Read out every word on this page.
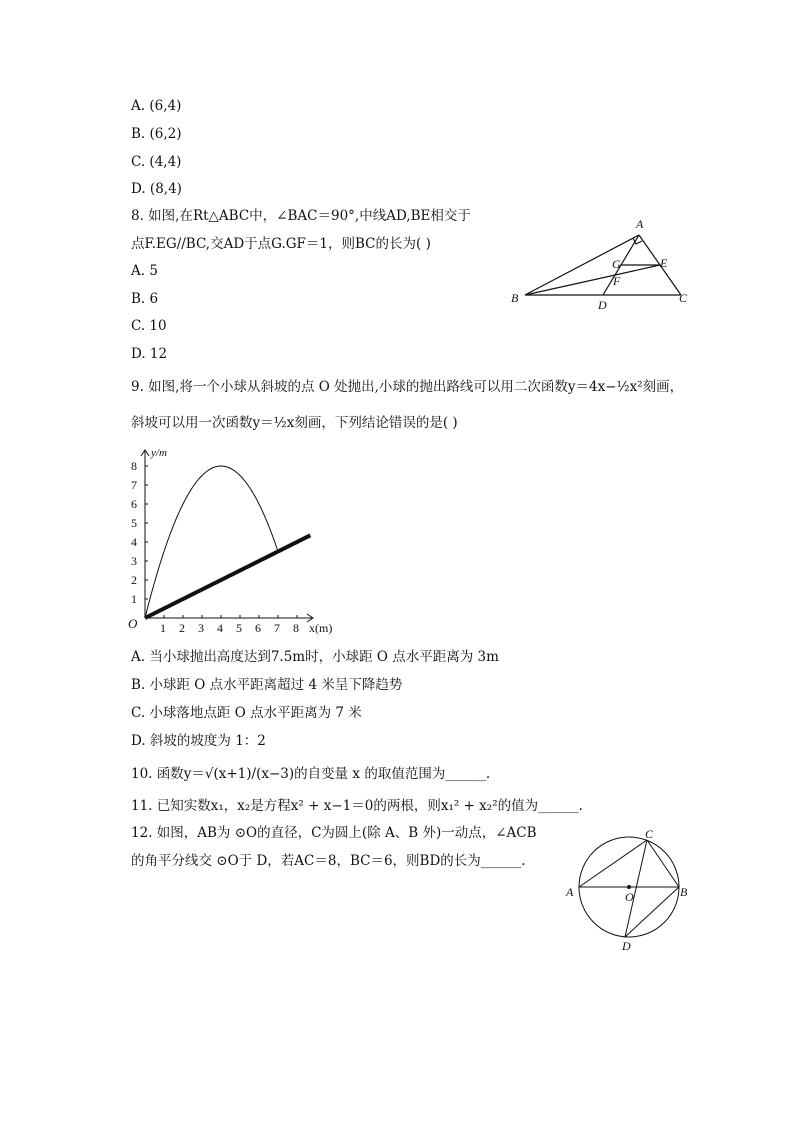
A. (6,4)
B. (6,2)
C. (4,4)
D. (8,4)
8. 如图,在Rt△ABC中，∠BAC＝90°,中线AD,BE相交于
点F.EG//BC,交AD于点G.GF＝1，则BC的长为( )
A. 5
B. 6
C. 10
D. 12
A
B	C
D
E
G
F
9. 如图,将一个小球从斜坡的点 O 处抛出,小球的抛出路线可以用二次函数y＝4x−½x²刻画，
斜坡可以用一次函数y＝½x刻画，下列结论错误的是( )
1 2 3 4 5 6 7 8
1
2
3
4
5
6
7
8
O	x(m)
y/m
A. 当小球抛出高度达到7.5m时，小球距 O 点水平距离为 3m
B. 小球距 O 点水平距离超过 4 米呈下降趋势
C. 小球落地点距 O 点水平距离为 7 米
D. 斜坡的坡度为 1：2
10. 函数y＝√(x+1)/(x−3)的自变量 x 的取值范围为______.
11. 已知实数x₁，x₂是方程x² + x−1＝0的两根，则x₁² + x₂²的值为______.
12. 如图，AB为 ⊙O的直径，C为圆上(除 A、B 外)一动点，∠ACB
的角平分线交 ⊙O于 D，若AC＝8，BC＝6，则BD的长为______.
A	B
C
D
O
